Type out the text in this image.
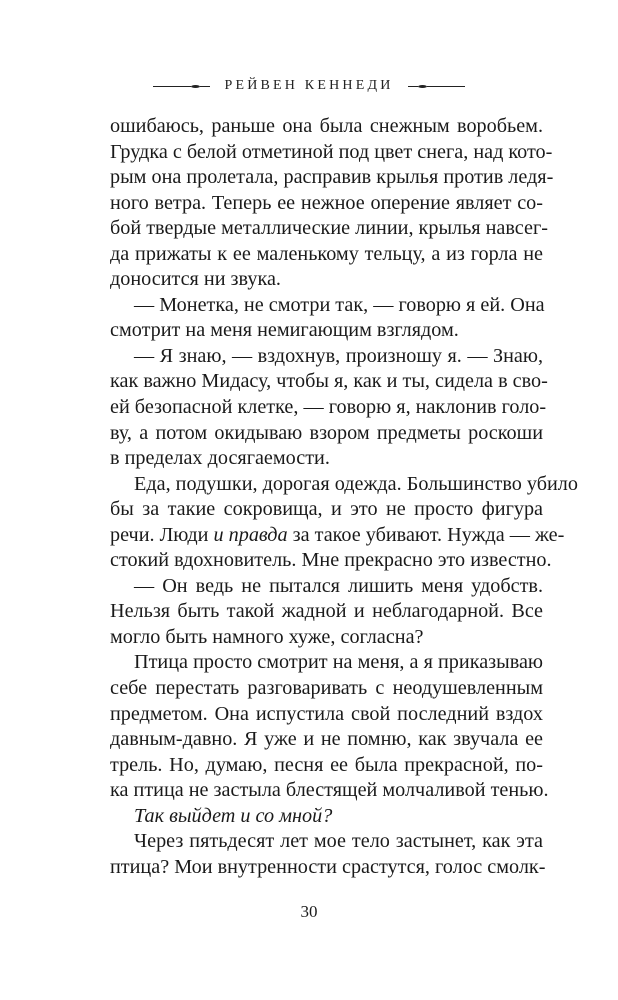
РЕЙВЕН КЕННЕДИ
ошибаюсь, раньше она была снежным воробьем.
Грудка с белой отметиной под цвет снега, над кото-
рым она пролетала, расправив крылья против ледя-
ного ветра. Теперь ее нежное оперение являет со-
бой твердые металлические линии, крылья навсег-
да прижаты к ее маленькому тельцу, а из горла не
доносится ни звука.
— Монетка, не смотри так, — говорю я ей. Она
смотрит на меня немигающим взглядом.
— Я знаю, — вздохнув, произношу я. — Знаю,
как важно Мидасу, чтобы я, как и ты, сидела в сво-
ей безопасной клетке, — говорю я, наклонив голо-
ву, а потом окидываю взором предметы роскоши
в пределах досягаемости.
Еда, подушки, дорогая одежда. Большинство убило
бы за такие сокровища, и это не просто фигура
речи. Люди и правда за такое убивают. Нужда — же-
стокий вдохновитель. Мне прекрасно это известно.
— Он ведь не пытался лишить меня удобств.
Нельзя быть такой жадной и неблагодарной. Все
могло быть намного хуже, согласна?
Птица просто смотрит на меня, а я приказываю
себе перестать разговаривать с неодушевленным
предметом. Она испустила свой последний вздох
давным-давно. Я уже и не помню, как звучала ее
трель. Но, думаю, песня ее была прекрасной, по-
ка птица не застыла блестящей молчаливой тенью.
Так выйдет и со мной?
Через пятьдесят лет мое тело застынет, как эта
птица? Мои внутренности срастутся, голос смолк-
30
